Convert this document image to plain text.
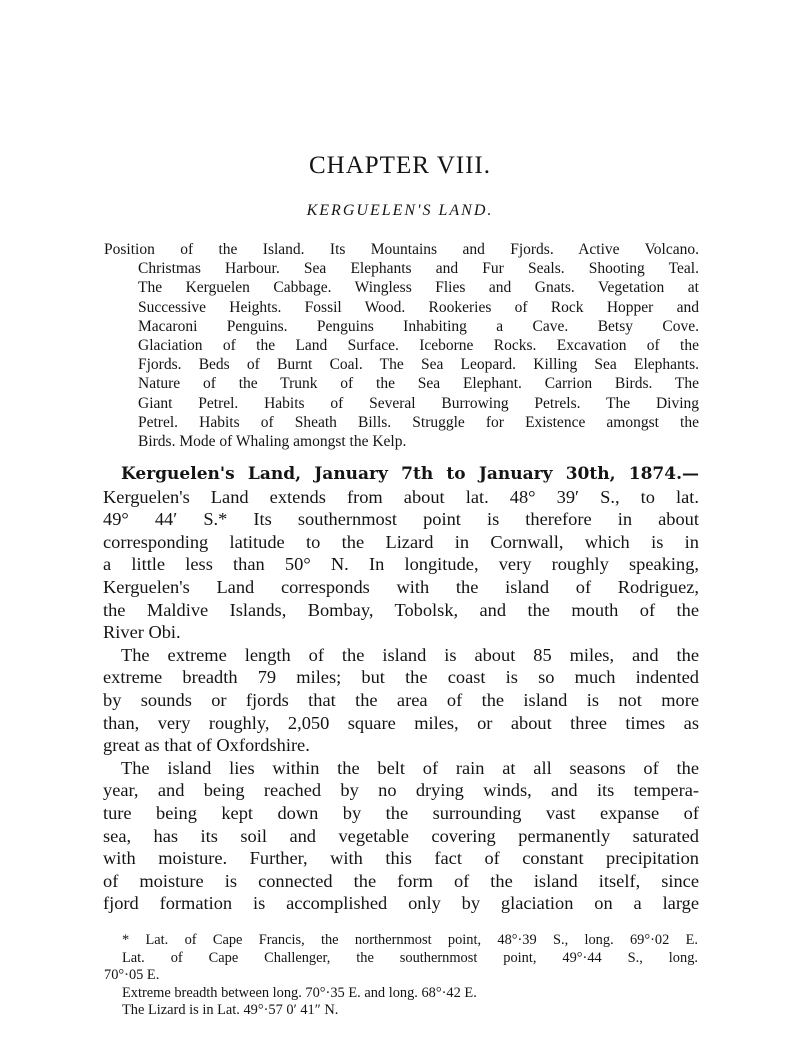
CHAPTER VIII.
KERGUELEN'S LAND.
Position of the Island. Its Mountains and Fjords. Active Volcano.
Christmas Harbour. Sea Elephants and Fur Seals. Shooting Teal.
The Kerguelen Cabbage. Wingless Flies and Gnats. Vegetation at
Successive Heights. Fossil Wood. Rookeries of Rock Hopper and
Macaroni Penguins. Penguins Inhabiting a Cave. Betsy Cove.
Glaciation of the Land Surface. Iceborne Rocks. Excavation of the
Fjords. Beds of Burnt Coal. The Sea Leopard. Killing Sea Elephants.
Nature of the Trunk of the Sea Elephant. Carrion Birds. The
Giant Petrel. Habits of Several Burrowing Petrels. The Diving
Petrel. Habits of Sheath Bills. Struggle for Existence amongst the
Birds. Mode of Whaling amongst the Kelp.
Kerguelen's Land, January 7th to January 30th, 1874.—
Kerguelen's Land extends from about lat. 48° 39′ S., to lat.
49° 44′ S.* Its southernmost point is therefore in about
corresponding latitude to the Lizard in Cornwall, which is in
a little less than 50° N. In longitude, very roughly speaking,
Kerguelen's Land corresponds with the island of Rodriguez,
the Maldive Islands, Bombay, Tobolsk, and the mouth of the
River Obi.
The extreme length of the island is about 85 miles, and the
extreme breadth 79 miles; but the coast is so much indented
by sounds or fjords that the area of the island is not more
than, very roughly, 2,050 square miles, or about three times as
great as that of Oxfordshire.
The island lies within the belt of rain at all seasons of the
year, and being reached by no drying winds, and its tempera-
ture being kept down by the surrounding vast expanse of
sea, has its soil and vegetable covering permanently saturated
with moisture. Further, with this fact of constant precipitation
of moisture is connected the form of the island itself, since
fjord formation is accomplished only by glaciation on a large
* Lat. of Cape Francis, the northernmost point, 48°·39 S., long. 69°·02 E.
Lat. of Cape Challenger, the southernmost point, 49°·44 S., long.
70°·05 E.
Extreme breadth between long. 70°·35 E. and long. 68°·42 E.
The Lizard is in Lat. 49°·57 0′ 41″ N.
